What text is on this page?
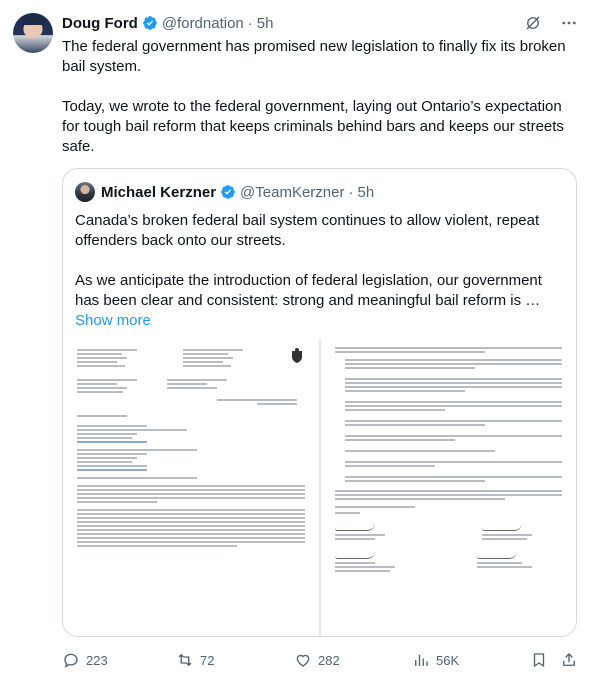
Doug Ford @fordnation · 5h

The federal government has promised new legislation to finally fix its broken bail system.

Today, we wrote to the federal government, laying out Ontario’s expectation for tough bail reform that keeps criminals behind bars and keeps our streets safe.

Michael Kerzner @TeamKerzner · 5h

Canada’s broken federal bail system continues to allow violent, repeat offenders back onto our streets.

As we anticipate the introduction of federal legislation, our government has been clear and consistent: strong and meaningful bail reform is …

Show more
223	72	282	56K
